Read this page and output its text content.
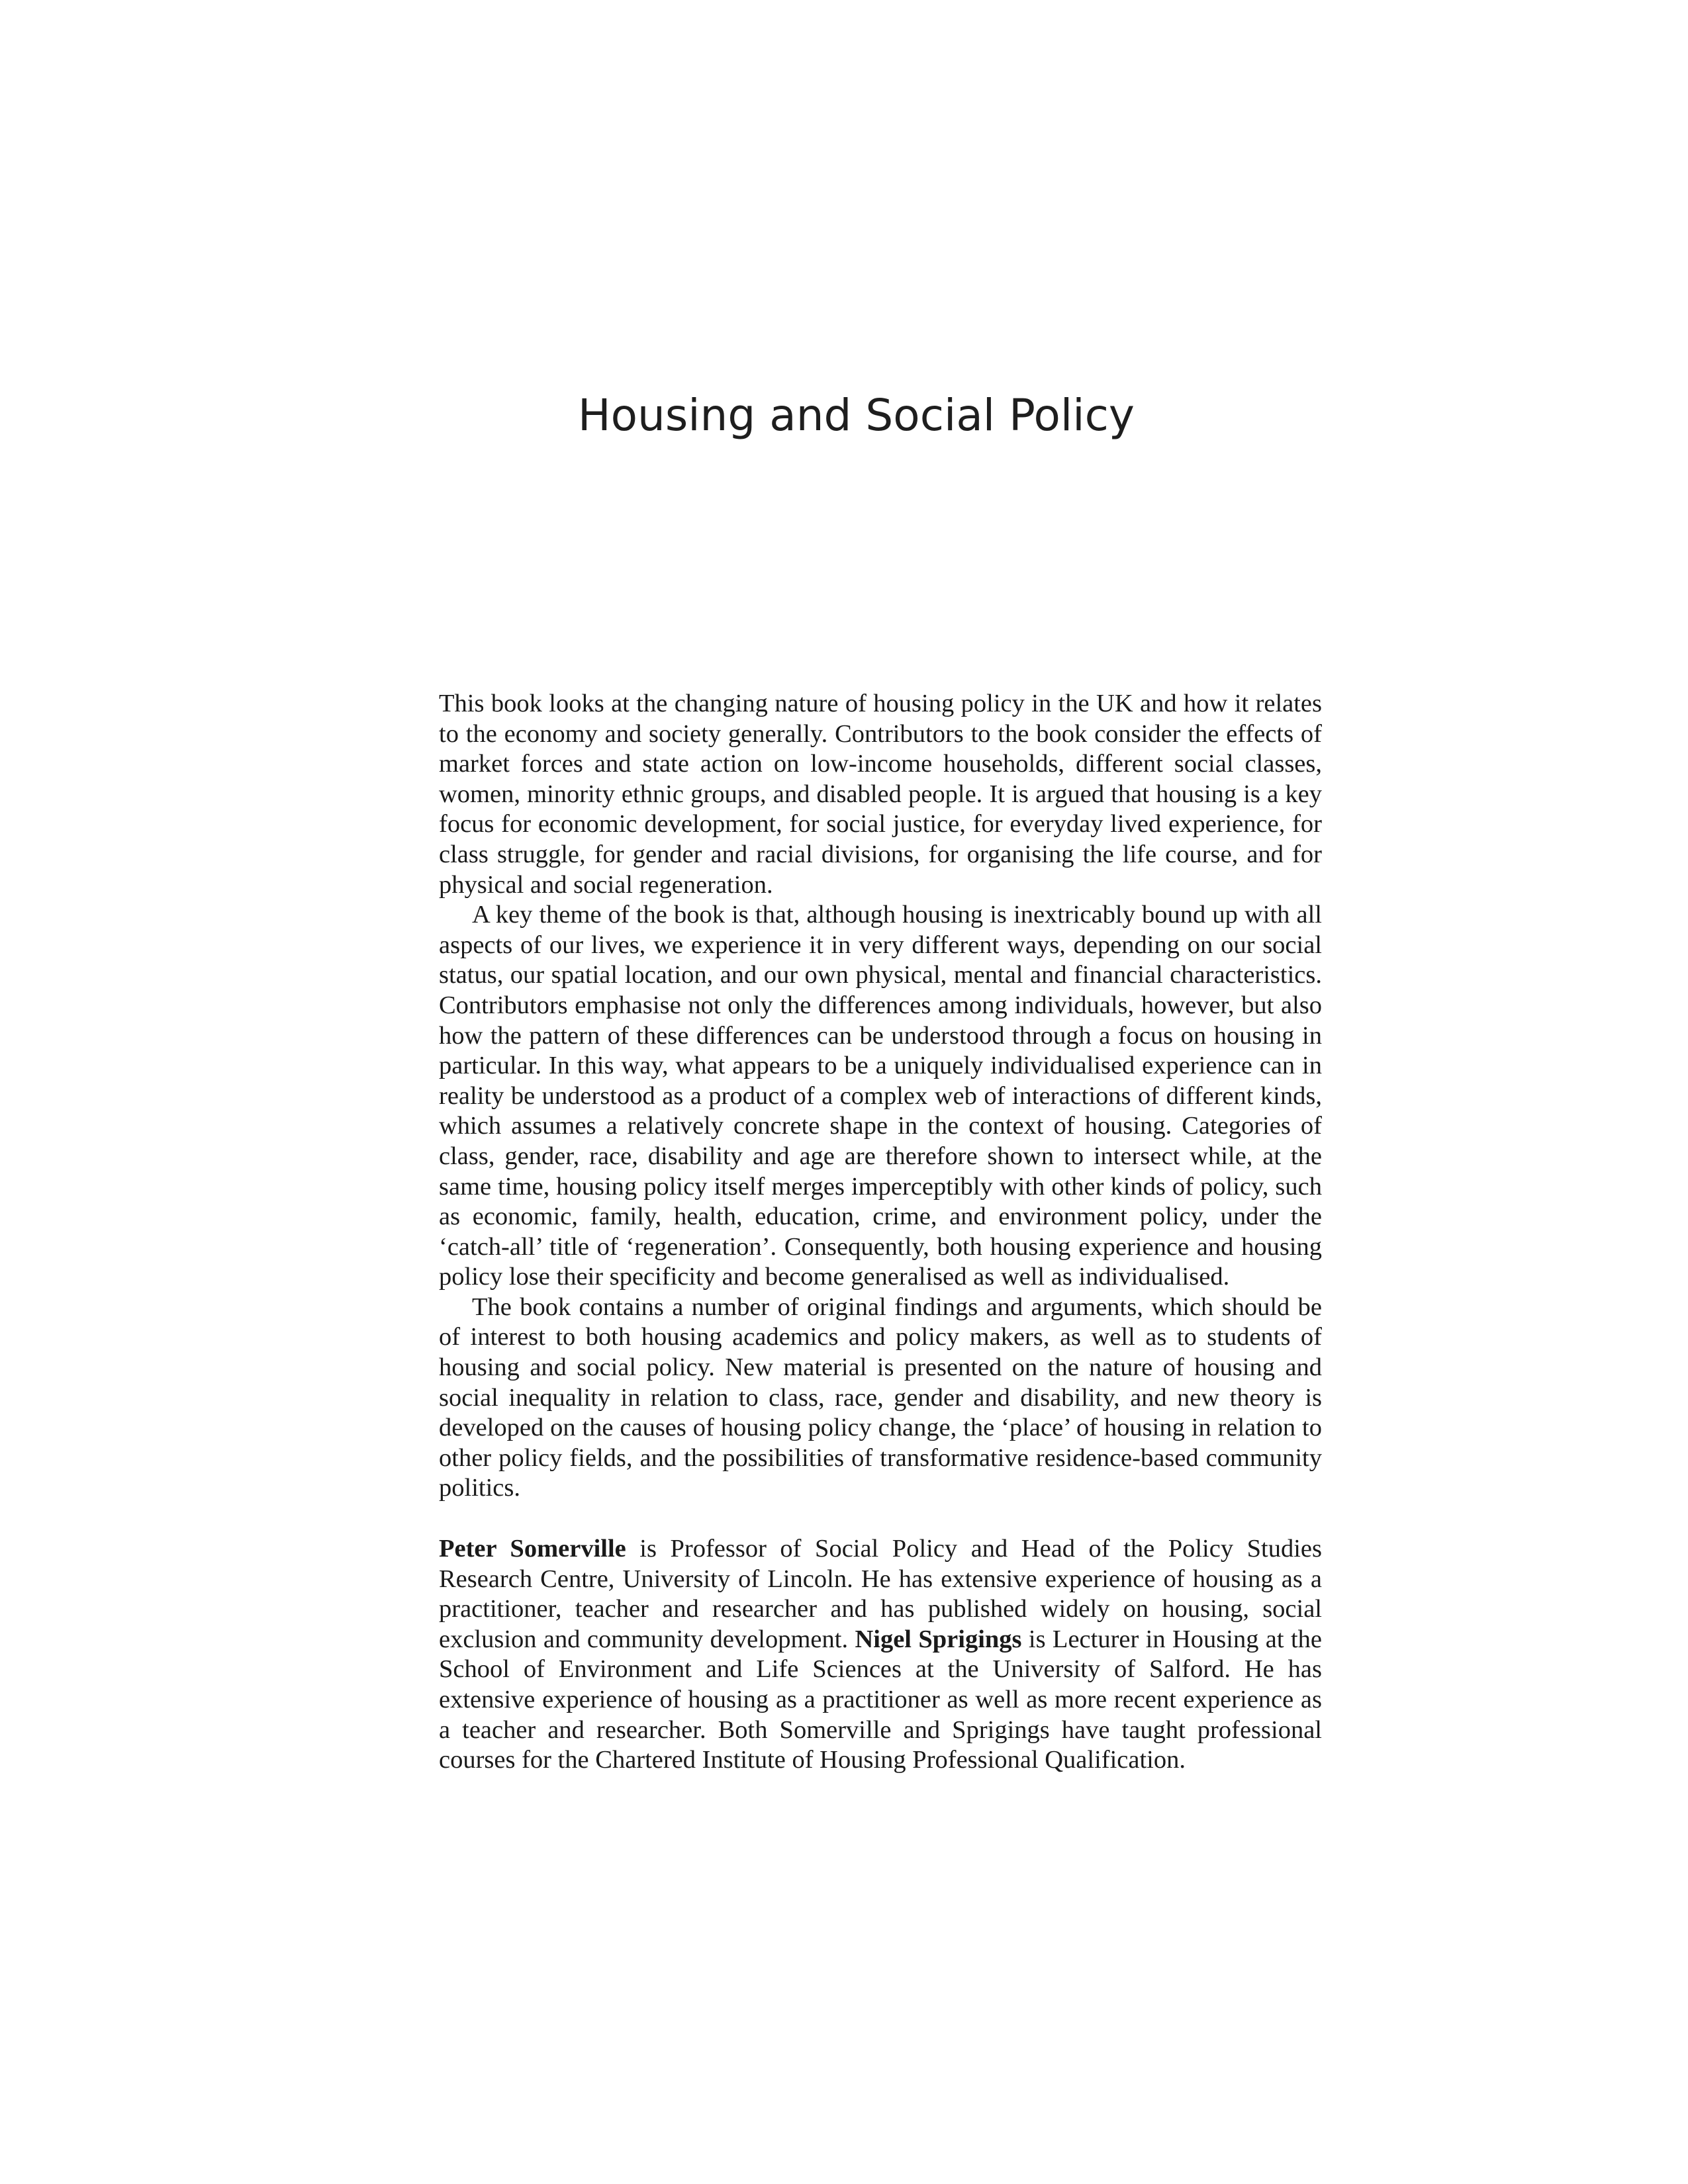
Housing and Social Policy

This book looks at the changing nature of housing policy in the UK and how it relates to the economy and society generally. Contributors to the book consider the effects of market forces and state action on low-income households, different social classes, women, minority ethnic groups, and disabled people. It is argued that housing is a key focus for economic development, for social justice, for everyday lived experience, for class struggle, for gender and racial divisions, for organising the life course, and for physical and social regeneration.

A key theme of the book is that, although housing is inextricably bound up with all aspects of our lives, we experience it in very different ways, depending on our social status, our spatial location, and our own physical, mental and financial characteristics. Contributors emphasise not only the differences among individuals, however, but also how the pattern of these differences can be understood through a focus on housing in particular. In this way, what appears to be a uniquely individualised experience can in reality be understood as a product of a complex web of interactions of different kinds, which assumes a relatively concrete shape in the context of housing. Categories of class, gender, race, disability and age are therefore shown to intersect while, at the same time, housing policy itself merges imperceptibly with other kinds of policy, such as economic, family, health, education, crime, and environment policy, under the ‘catch-all’ title of ‘regeneration’. Consequently, both housing experience and housing policy lose their specificity and become generalised as well as individualised.

The book contains a number of original findings and arguments, which should be of interest to both housing academics and policy makers, as well as to students of housing and social policy. New material is presented on the nature of housing and social inequality in relation to class, race, gender and disability, and new theory is developed on the causes of housing policy change, the ‘place’ of housing in relation to other policy fields, and the possibilities of transformative residence-based community politics.

Peter Somerville is Professor of Social Policy and Head of the Policy Studies Research Centre, University of Lincoln. He has extensive experience of housing as a practitioner, teacher and researcher and has published widely on housing, social exclusion and community development. Nigel Sprigings is Lecturer in Housing at the School of Environment and Life Sciences at the University of Salford. He has extensive experience of housing as a practitioner as well as more recent experience as a teacher and researcher. Both Somerville and Sprigings have taught professional courses for the Chartered Institute of Housing Professional Qualification.
